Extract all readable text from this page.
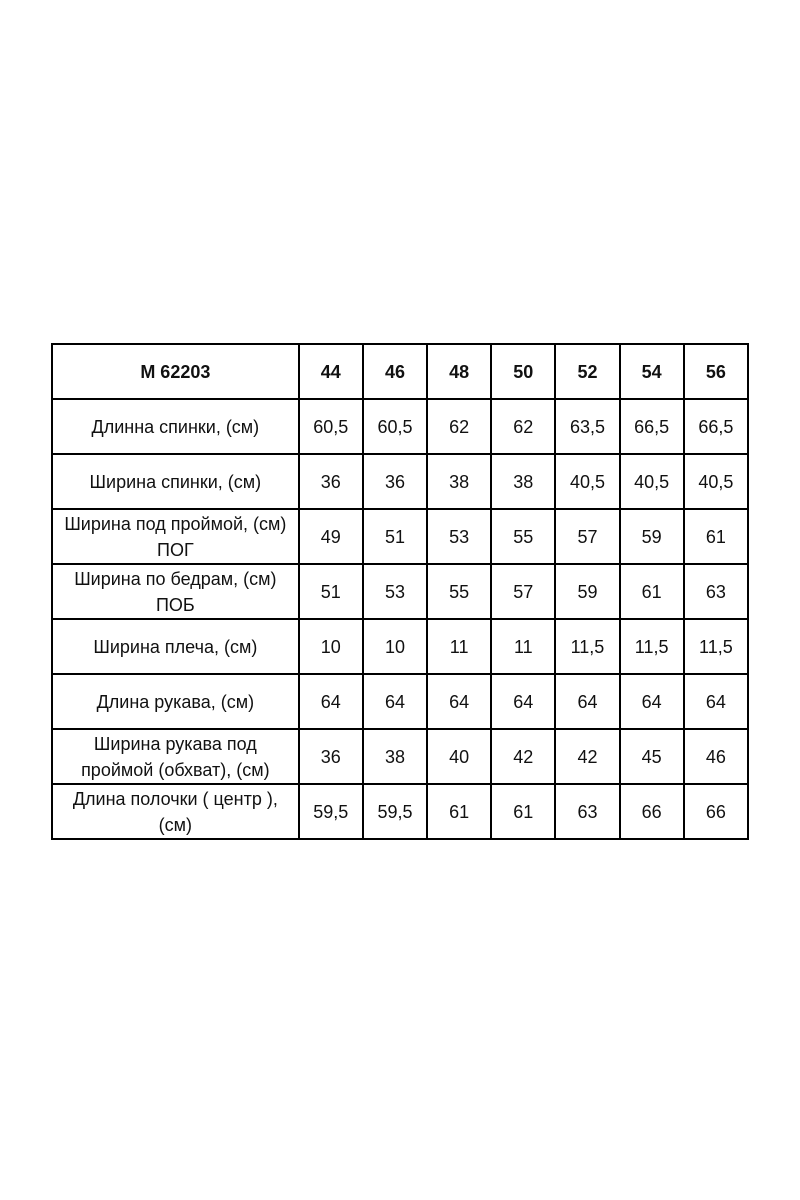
М 62203	44	46	48	50	52	54	56

Длинна спинки, (см)	60,5	60,5	62	62	63,5	66,5	66,5

Ширина спинки, (см)	36	36	38	38	40,5	40,5	40,5

Ширина под проймой, (см)
ПОГ	49	51	53	55	57	59	61

Ширина по бедрам, (см)
ПОБ	51	53	55	57	59	61	63

Ширина плеча, (см)	10	10	11	11	11,5	11,5	11,5

Длина рукава, (см)	64	64	64	64	64	64	64

Ширина рукава под
проймой (обхват), (см)	36	38	40	42	42	45	46

Длина полочки ( центр ),
(см)	59,5	59,5	61	61	63	66	66
